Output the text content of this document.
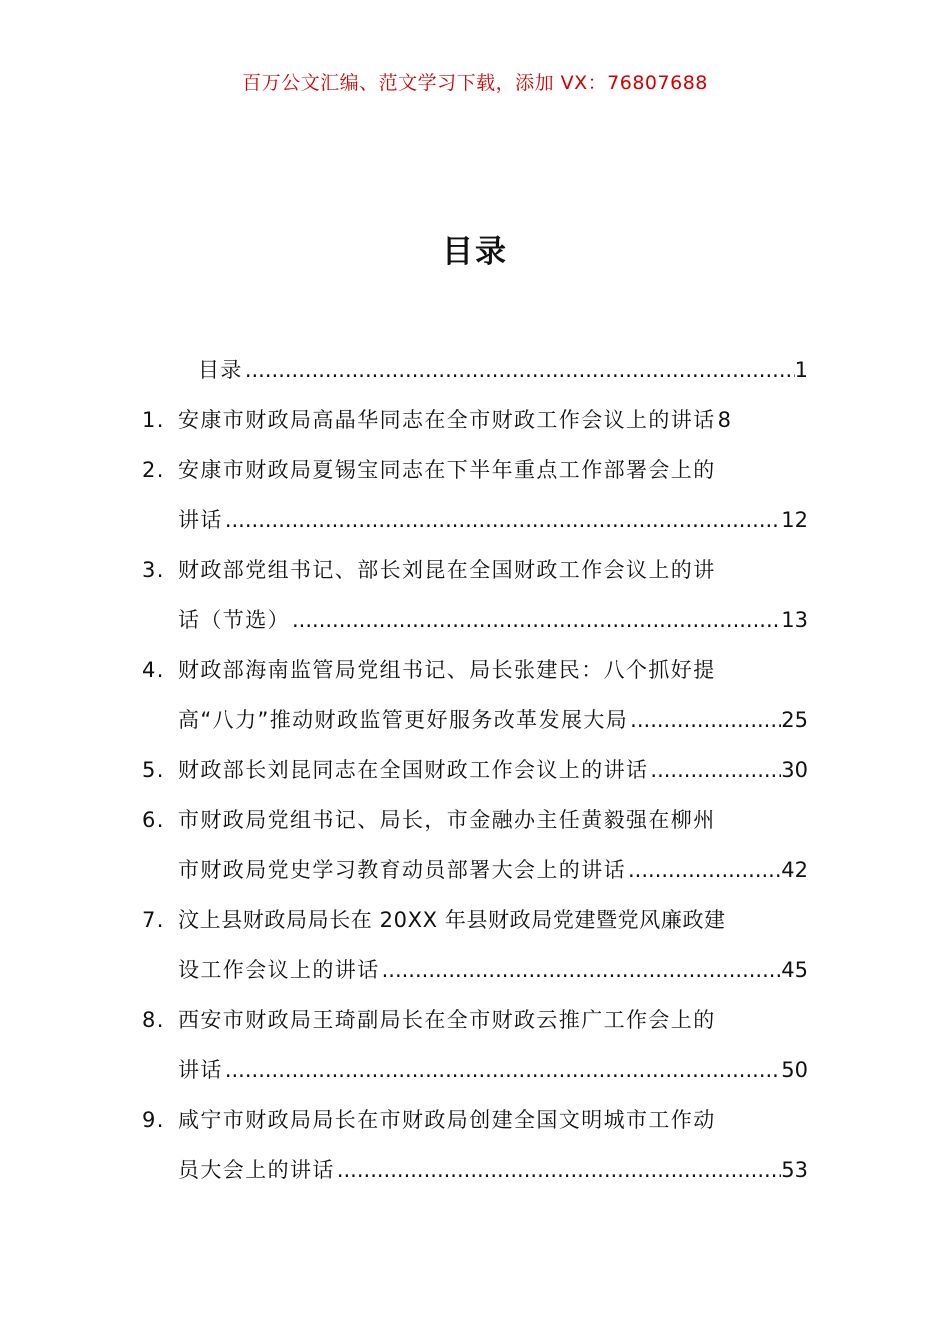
百万公文汇编、范文学习下载，添加 VX：76807688
目录
目录 .....	1
1. 安康市财政局高晶华同志在全市财政工作会议上的讲话 8
2. 安康市财政局夏锡宝同志在下半年重点工作部署会上的
讲话 .....	12
3. 财政部党组书记、部长刘昆在全国财政工作会议上的讲
话（节选） .....	13
4. 财政部海南监管局党组书记、局长张建民：八个抓好提
高“八力”推动财政监管更好服务改革发展大局 .....	25
5. 财政部长刘昆同志在全国财政工作会议上的讲话 .....	30
6. 市财政局党组书记、局长，市金融办主任黄毅强在柳州
市财政局党史学习教育动员部署大会上的讲话 .....	42
7. 汶上县财政局局长在 20XX 年县财政局党建暨党风廉政建
设工作会议上的讲话 .....	45
8. 西安市财政局王琦副局长在全市财政云推广工作会上的
讲话 .....	50
9. 咸宁市财政局局长在市财政局创建全国文明城市工作动
员大会上的讲话 .....	53
